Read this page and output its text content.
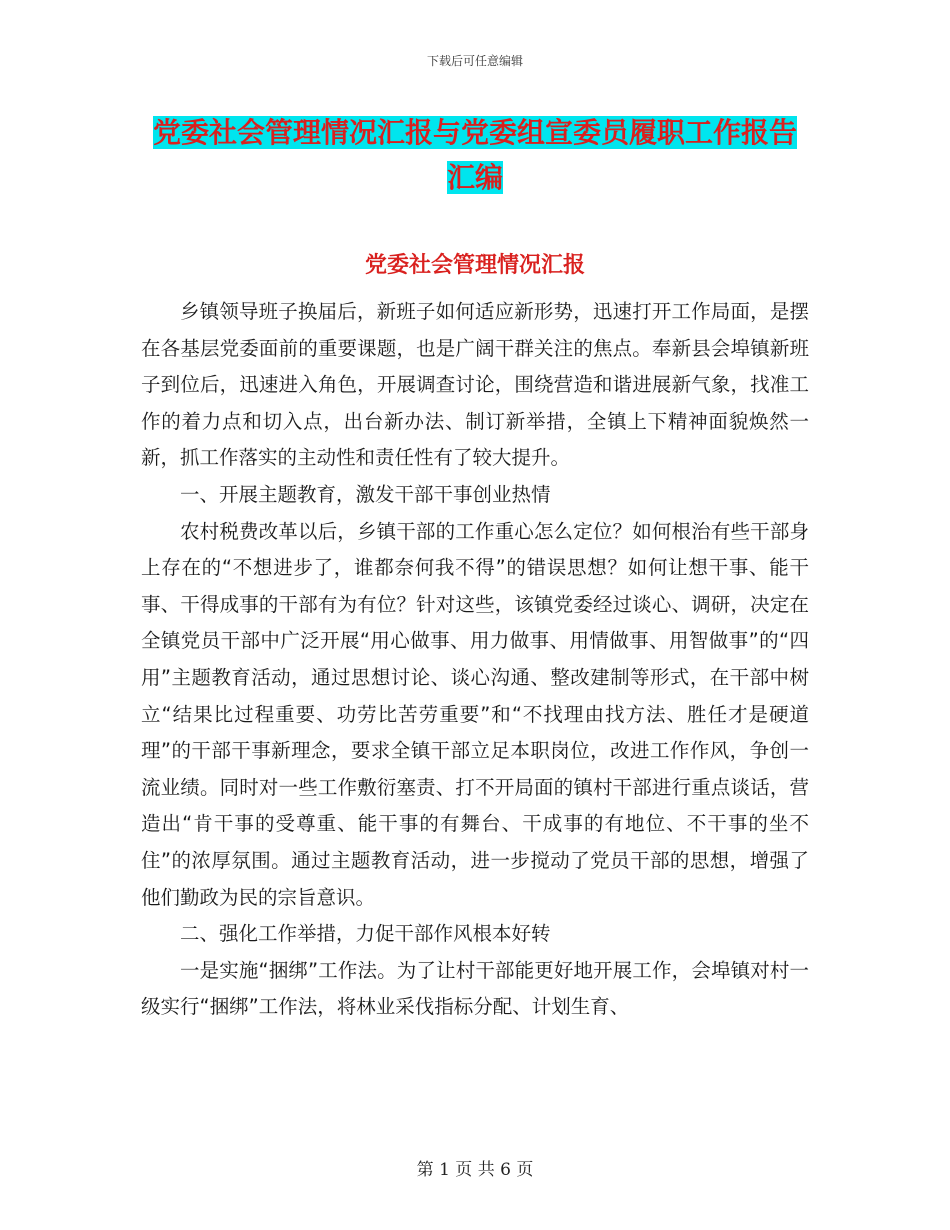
下载后可任意编辑
党委社会管理情况汇报与党委组宣委员履职工作报告
汇编
党委社会管理情况汇报

乡镇领导班子换届后，新班子如何适应新形势，迅速打开工作局面，是摆在各基层党委面前的重要课题，也是广阔干群关注的焦点。奉新县会埠镇新班子到位后，迅速进入角色，开展调查讨论，围绕营造和谐进展新气象，找准工作的着力点和切入点，出台新办法、制订新举措，全镇上下精神面貌焕然一新，抓工作落实的主动性和责任性有了较大提升。

一、开展主题教育，激发干部干事创业热情

农村税费改革以后，乡镇干部的工作重心怎么定位？如何根治有些干部身上存在的“不想进步了，谁都奈何我不得”的错误思想？如何让想干事、能干事、干得成事的干部有为有位？针对这些，该镇党委经过谈心、调研，决定在全镇党员干部中广泛开展“用心做事、用力做事、用情做事、用智做事”的“四用”主题教育活动，通过思想讨论、谈心沟通、整改建制等形式，在干部中树立“结果比过程重要、功劳比苦劳重要”和“不找理由找方法、胜任才是硬道理”的干部干事新理念，要求全镇干部立足本职岗位，改进工作作风，争创一流业绩。同时对一些工作敷衍塞责、打不开局面的镇村干部进行重点谈话，营造出“肯干事的受尊重、能干事的有舞台、干成事的有地位、不干事的坐不住”的浓厚氛围。通过主题教育活动，进一步搅动了党员干部的思想，增强了他们勤政为民的宗旨意识。

二、强化工作举措，力促干部作风根本好转

一是实施“捆绑”工作法。为了让村干部能更好地开展工作，会埠镇对村一级实行“捆绑”工作法，将林业采伐指标分配、计划生育、

第 1 页 共 6 页
